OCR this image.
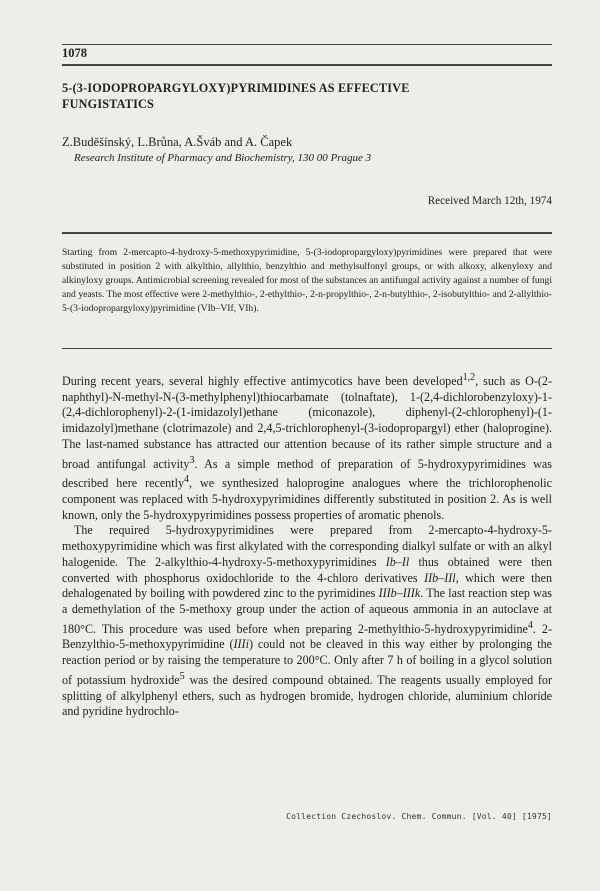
1078
5-(3-IODOPROPARGYLOXY)PYRIMIDINES AS EFFECTIVE
FUNGISTATICS
Z.Buděšínský, L.Brůna, A.Šváb and A. Čapek
Research Institute of Pharmacy and Biochemistry, 130 00 Prague 3
Received March 12th, 1974
Starting from 2-mercapto-4-hydroxy-5-methoxypyrimidine, 5-(3-iodopropargyloxy)pyrimidines were prepared that were substituted in position 2 with alkylthio, allylthio, benzylthio and methylsulfonyl groups, or with alkoxy, alkenyloxy and alkinyloxy groups. Antimicrobial screening revealed for most of the substances an antifungal activity against a number of fungi and yeasts. The most effective were 2-methylthio-, 2-ethylthio-, 2-n-propylthio-, 2-n-butylthio-, 2-isobutylthio- and 2-allylthio-5-(3-iodopropargyloxy)pyrimidine (VIb–VIf, VIh).

During recent years, several highly effective antimycotics have been developed$^{1,2}$, such as O-(2-naphthyl)-N-methyl-N-(3-methylphenyl)thiocarbamate (tolnaftate), 1-(2,4-dichlorobenzyloxy)-1-(2,4-dichlorophenyl)-2-(1-imidazolyl)ethane (miconazole), diphenyl-(2-chlorophenyl)-(1-imidazolyl)methane (clotrimazole) and 2,4,5-trichlorophenyl-(3-iodopropargyl) ether (haloprogine). The last-named substance has attracted our attention because of its rather simple structure and a broad antifungal activity$^3$. As a simple method of preparation of 5-hydroxypyrimidines was described here recently$^4$, we synthesized haloprogine analogues where the trichlorophenolic component was replaced with 5-hydroxypyrimidines differently substituted in position 2. As is well known, only the 5-hydroxypyrimidines possess properties of aromatic phenols.

The required 5-hydroxypyrimidines were prepared from 2-mercapto-4-hydroxy-5-methoxypyrimidine which was first alkylated with the corresponding dialkyl sulfate or with an alkyl halogenide. The 2-alkylthio-4-hydroxy-5-methoxypyrimidines Ib–Il thus obtained were then converted with phosphorus oxidochloride to the 4-chloro derivatives IIb–IIl, which were then dehalogenated by boiling with powdered zinc to the pyrimidines IIIb–IIIk. The last reaction step was a demethylation of the 5-methoxy group under the action of aqueous ammonia in an autoclave at 180°C. This procedure was used before when preparing 2-methylthio-5-hydroxypyrimidine$^4$. 2-Benzylthio-5-methoxypyrimidine (IIIi) could not be cleaved in this way either by prolonging the reaction period or by raising the temperature to 200°C. Only after 7 h of boiling in a glycol solution of potassium hydroxide$^5$ was the desired compound obtained. The reagents usually employed for splitting of alkylphenyl ethers, such as hydrogen bromide, hydrogen chloride, aluminium chloride and pyridine hydrochlo-

Collection Czechoslov. Chem. Commun. [Vol. 40] [1975]
